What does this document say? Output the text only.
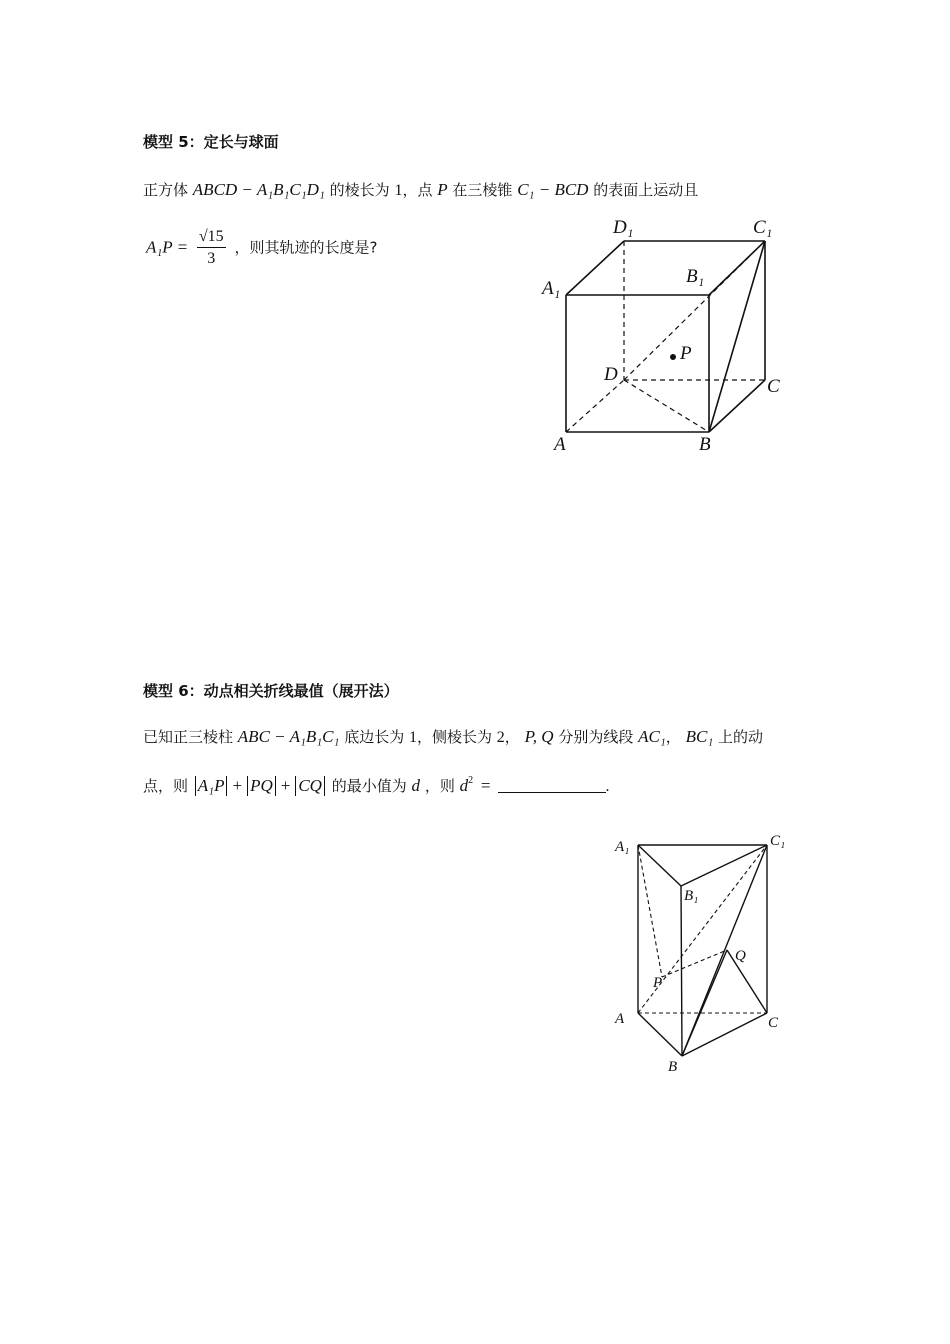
模型 5：定长与球面
正方体 ABCD − A₁B₁C₁D₁ 的棱长为 1，点 P 在三棱锥 C₁ − BCD 的表面上运动且
$A_1P = \frac{√15}{3}$ ，则其轨迹的长度是?
D₁	C₁
A₁
B₁
P
D
C
A	B
模型 6：动点相关折线最值（展开法）
已知正三棱柱 ABC − A₁B₁C₁ 底边长为 1，侧棱长为 2， P, Q 分别为线段 AC₁， BC₁ 上的动
点，则 A₁P + PQ + CQ 的最小值为 d ，则 $d^2$ =	.
A₁	C₁
B₁
Q
P
A	C
B
